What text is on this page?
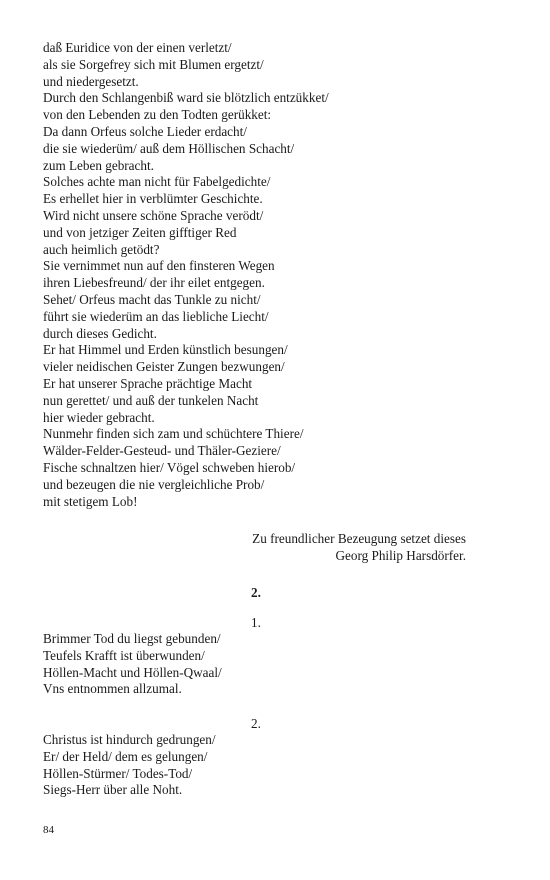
daß Euridice von der einen verletzt/
als sie Sorgefrey sich mit Blumen ergetzt/
und niedergesetzt.
Durch den Schlangenbiß ward sie blötzlich entzükket/
von den Lebenden zu den Todten gerükket:
Da dann Orfeus solche Lieder erdacht/
die sie wiederüm/ auß dem Höllischen Schacht/
zum Leben gebracht.
Solches achte man nicht für Fabelgedichte/
Es erhellet hier in verblümter Geschichte.
Wird nicht unsere schöne Sprache verödt/
und von jetziger Zeiten gifftiger Red
auch heimlich getödt?
Sie vernimmet nun auf den finsteren Wegen
ihren Liebesfreund/ der ihr eilet entgegen.
Sehet/ Orfeus macht das Tunkle zu nicht/
führt sie wiederüm an das liebliche Liecht/
durch dieses Gedicht.
Er hat Himmel und Erden künstlich besungen/
vieler neidischen Geister Zungen bezwungen/
Er hat unserer Sprache prächtige Macht
nun gerettet/ und auß der tunkelen Nacht
hier wieder gebracht.
Nunmehr finden sich zam und schüchtere Thiere/
Wälder-Felder-Gesteud- und Thäler-Geziere/
Fische schnaltzen hier/ Vögel schweben hierob/
und bezeugen die nie vergleichliche Prob/
mit stetigem Lob!
Zu freundlicher Bezeugung setzet dieses
Georg Philip Harsdörfer.
2.
1.
Brimmer Tod du liegst gebunden/
Teufels Krafft ist überwunden/
Höllen-Macht und Höllen-Qwaal/
Vns entnommen allzumal.
2.
Christus ist hindurch gedrungen/
Er/ der Held/ dem es gelungen/
Höllen-Stürmer/ Todes-Tod/
Siegs-Herr über alle Noht.
84
